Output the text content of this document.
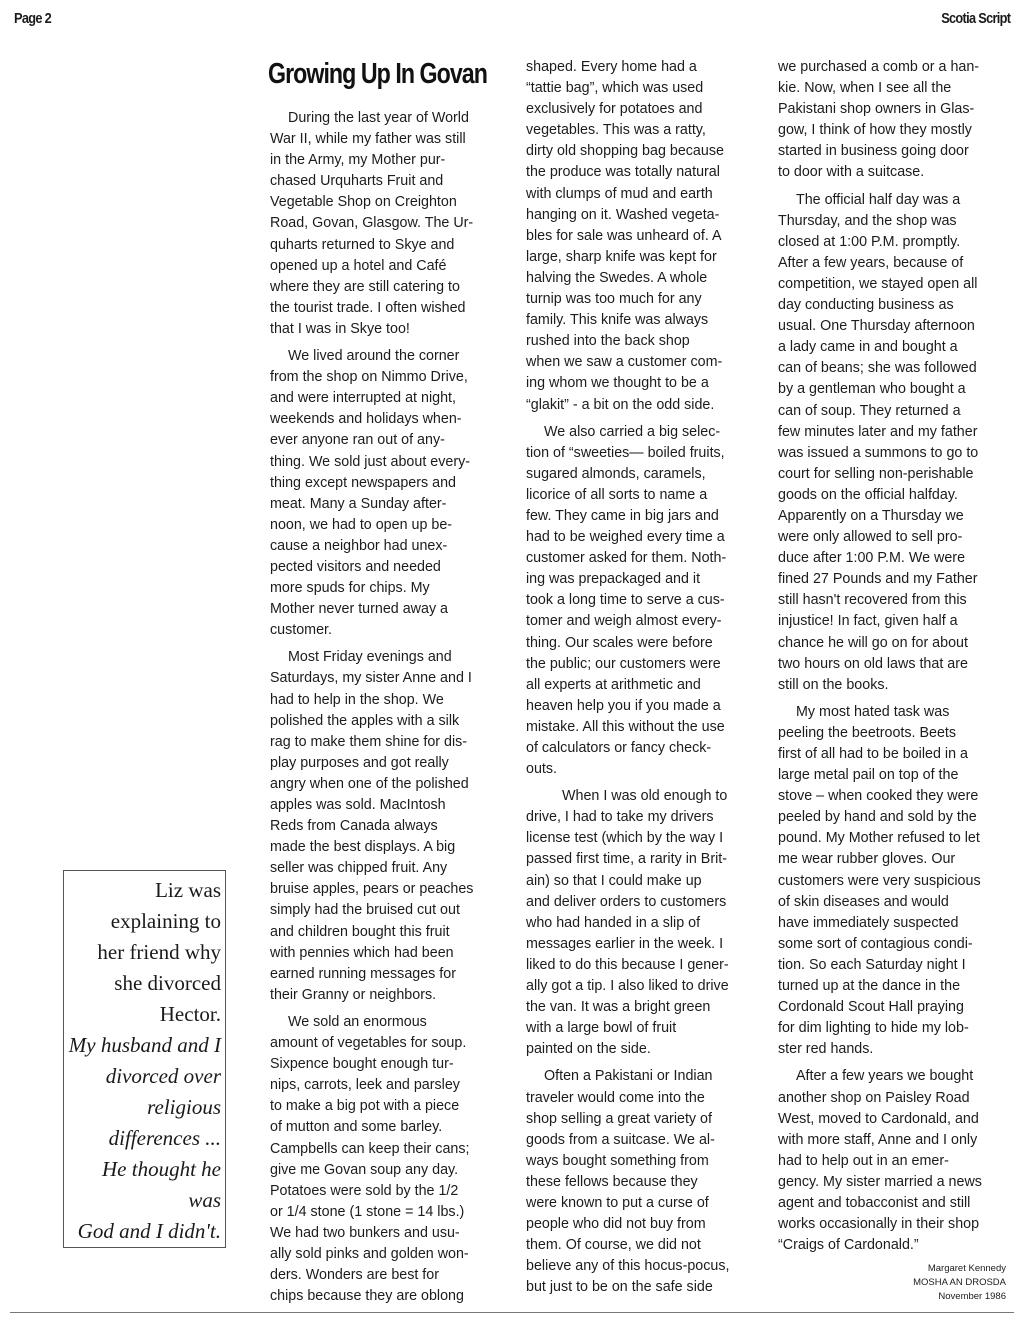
Page 2	Scotia Script
Growing Up In Govan

During the last year of World
War II, while my father was still
in the Army, my Mother pur-
chased Urquharts Fruit and
Vegetable Shop on Creighton
Road, Govan, Glasgow. The Ur-
quharts returned to Skye and
opened up a hotel and Café
where they are still catering to
the tourist trade. I often wished
that I was in Skye too!

We lived around the corner
from the shop on Nimmo Drive,
and were interrupted at night,
weekends and holidays when-
ever anyone ran out of any-
thing. We sold just about every-
thing except newspapers and
meat. Many a Sunday after-
noon, we had to open up be-
cause a neighbor had unex-
pected visitors and needed
more spuds for chips. My
Mother never turned away a
customer.

Most Friday evenings and
Saturdays, my sister Anne and I
had to help in the shop. We
polished the apples with a silk
rag to make them shine for dis-
play purposes and got really
angry when one of the polished
apples was sold. MacIntosh
Reds from Canada always
made the best displays. A big
seller was chipped fruit. Any
bruise apples, pears or peaches
simply had the bruised cut out
and children bought this fruit
with pennies which had been
earned running messages for
their Granny or neighbors.

We sold an enormous
amount of vegetables for soup.
Sixpence bought enough tur-
nips, carrots, leek and parsley
to make a big pot with a piece
of mutton and some barley.
Campbells can keep their cans;
give me Govan soup any day.
Potatoes were sold by the 1/2
or 1/4 stone (1 stone = 14 lbs.)
We had two bunkers and usu-
ally sold pinks and golden won-
ders. Wonders are best for
chips because they are oblong

shaped. Every home had a
“tattie bag”, which was used
exclusively for potatoes and
vegetables. This was a ratty,
dirty old shopping bag because
the produce was totally natural
with clumps of mud and earth
hanging on it. Washed vegeta-
bles for sale was unheard of. A
large, sharp knife was kept for
halving the Swedes. A whole
turnip was too much for any
family. This knife was always
rushed into the back shop
when we saw a customer com-
ing whom we thought to be a
“glakit” - a bit on the odd side.

We also carried a big selec-
tion of “sweeties— boiled fruits,
sugared almonds, caramels,
licorice of all sorts to name a
few. They came in big jars and
had to be weighed every time a
customer asked for them. Noth-
ing was prepackaged and it
took a long time to serve a cus-
tomer and weigh almost every-
thing. Our scales were before
the public; our customers were
all experts at arithmetic and
heaven help you if you made a
mistake. All this without the use
of calculators or fancy check-
outs.

When I was old enough to
drive, I had to take my drivers
license test (which by the way I
passed first time, a rarity in Brit-
ain) so that I could make up
and deliver orders to customers
who had handed in a slip of
messages earlier in the week. I
liked to do this because I gener-
ally got a tip. I also liked to drive
the van. It was a bright green
with a large bowl of fruit
painted on the side.

Often a Pakistani or Indian
traveler would come into the
shop selling a great variety of
goods from a suitcase. We al-
ways bought something from
these fellows because they
were known to put a curse of
people who did not buy from
them. Of course, we did not
believe any of this hocus-pocus,
but just to be on the safe side

we purchased a comb or a han-
kie. Now, when I see all the
Pakistani shop owners in Glas-
gow, I think of how they mostly
started in business going door
to door with a suitcase.

The official half day was a
Thursday, and the shop was
closed at 1:00 P.M. promptly.
After a few years, because of
competition, we stayed open all
day conducting business as
usual. One Thursday afternoon
a lady came in and bought a
can of beans; she was followed
by a gentleman who bought a
can of soup. They returned a
few minutes later and my father
was issued a summons to go to
court for selling non-perishable
goods on the official halfday.
Apparently on a Thursday we
were only allowed to sell pro-
duce after 1:00 P.M. We were
fined 27 Pounds and my Father
still hasn't recovered from this
injustice! In fact, given half a
chance he will go on for about
two hours on old laws that are
still on the books.

My most hated task was
peeling the beetroots. Beets
first of all had to be boiled in a
large metal pail on top of the
stove – when cooked they were
peeled by hand and sold by the
pound. My Mother refused to let
me wear rubber gloves. Our
customers were very suspicious
of skin diseases and would
have immediately suspected
some sort of contagious condi-
tion. So each Saturday night I
turned up at the dance in the
Cordonald Scout Hall praying
for dim lighting to hide my lob-
ster red hands.

After a few years we bought
another shop on Paisley Road
West, moved to Cardonald, and
with more staff, Anne and I only
had to help out in an emer-
gency. My sister married a news
agent and tobacconist and still
works occasionally in their shop
“Craigs of Cardonald.”

Margaret Kennedy
MOSHA AN DROSDA
November 1986
Liz was
explaining to
her friend why
she divorced
Hector.
My husband and I
divorced over
religious
differences ...
He thought he was
God and I didn't.
